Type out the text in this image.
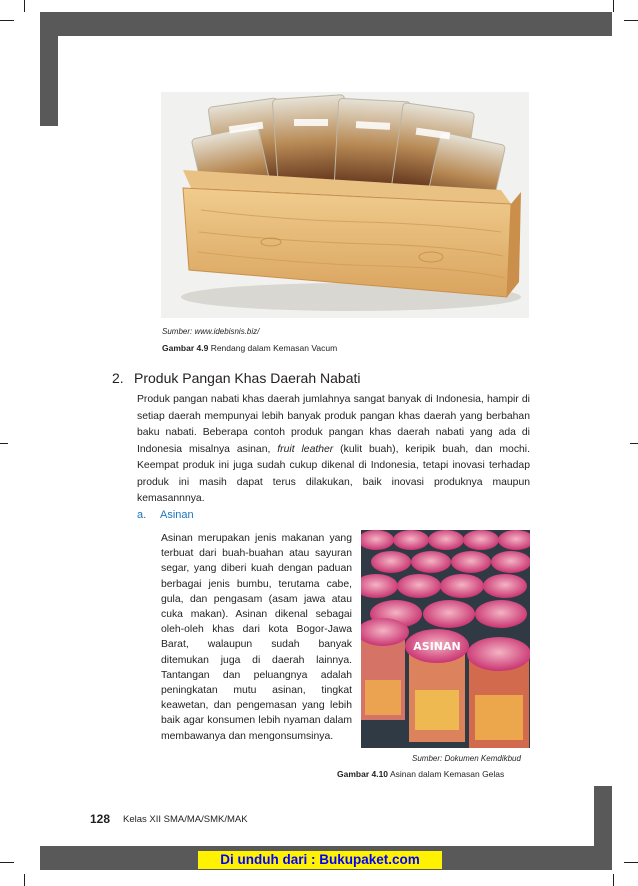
Sumber: www.idebisnis.biz/
Gambar 4.9 Rendang dalam Kemasan Vacum
2. Produk Pangan Khas Daerah Nabati
Produk pangan nabati khas daerah jumlahnya sangat banyak di Indonesia, hampir di setiap daerah mempunyai lebih banyak produk pangan khas daerah yang berbahan baku nabati. Beberapa contoh produk pangan khas daerah nabati yang ada di Indonesia misalnya asinan, fruit leather (kulit buah), keripik buah, dan mochi. Keempat produk ini juga sudah cukup dikenal di Indonesia, tetapi inovasi terhadap produk ini masih dapat terus dilakukan, baik inovasi produknya maupun kemasannnya.
a. Asinan
Asinan merupakan jenis makanan yang terbuat dari buah-buahan atau sayuran segar, yang diberi kuah dengan paduan berbagai jenis bumbu, terutama cabe, gula, dan pengasam (asam jawa atau cuka makan). Asinan dikenal sebagai oleh-oleh khas dari kota Bogor-Jawa Barat, walaupun sudah banyak ditemukan juga di daerah lainnya. Tantangan dan peluangnya adalah peningkatan mutu asinan, tingkat keawetan, dan pengemasan yang lebih baik agar konsumen lebih nyaman dalam membawanya dan mengonsumsinya.
ASINAN
Sumber: Dokumen Kemdikbud
Gambar 4.10 Asinan dalam Kemasan Gelas
128 Kelas XII SMA/MA/SMK/MAK
Di unduh dari : Bukupaket.com
